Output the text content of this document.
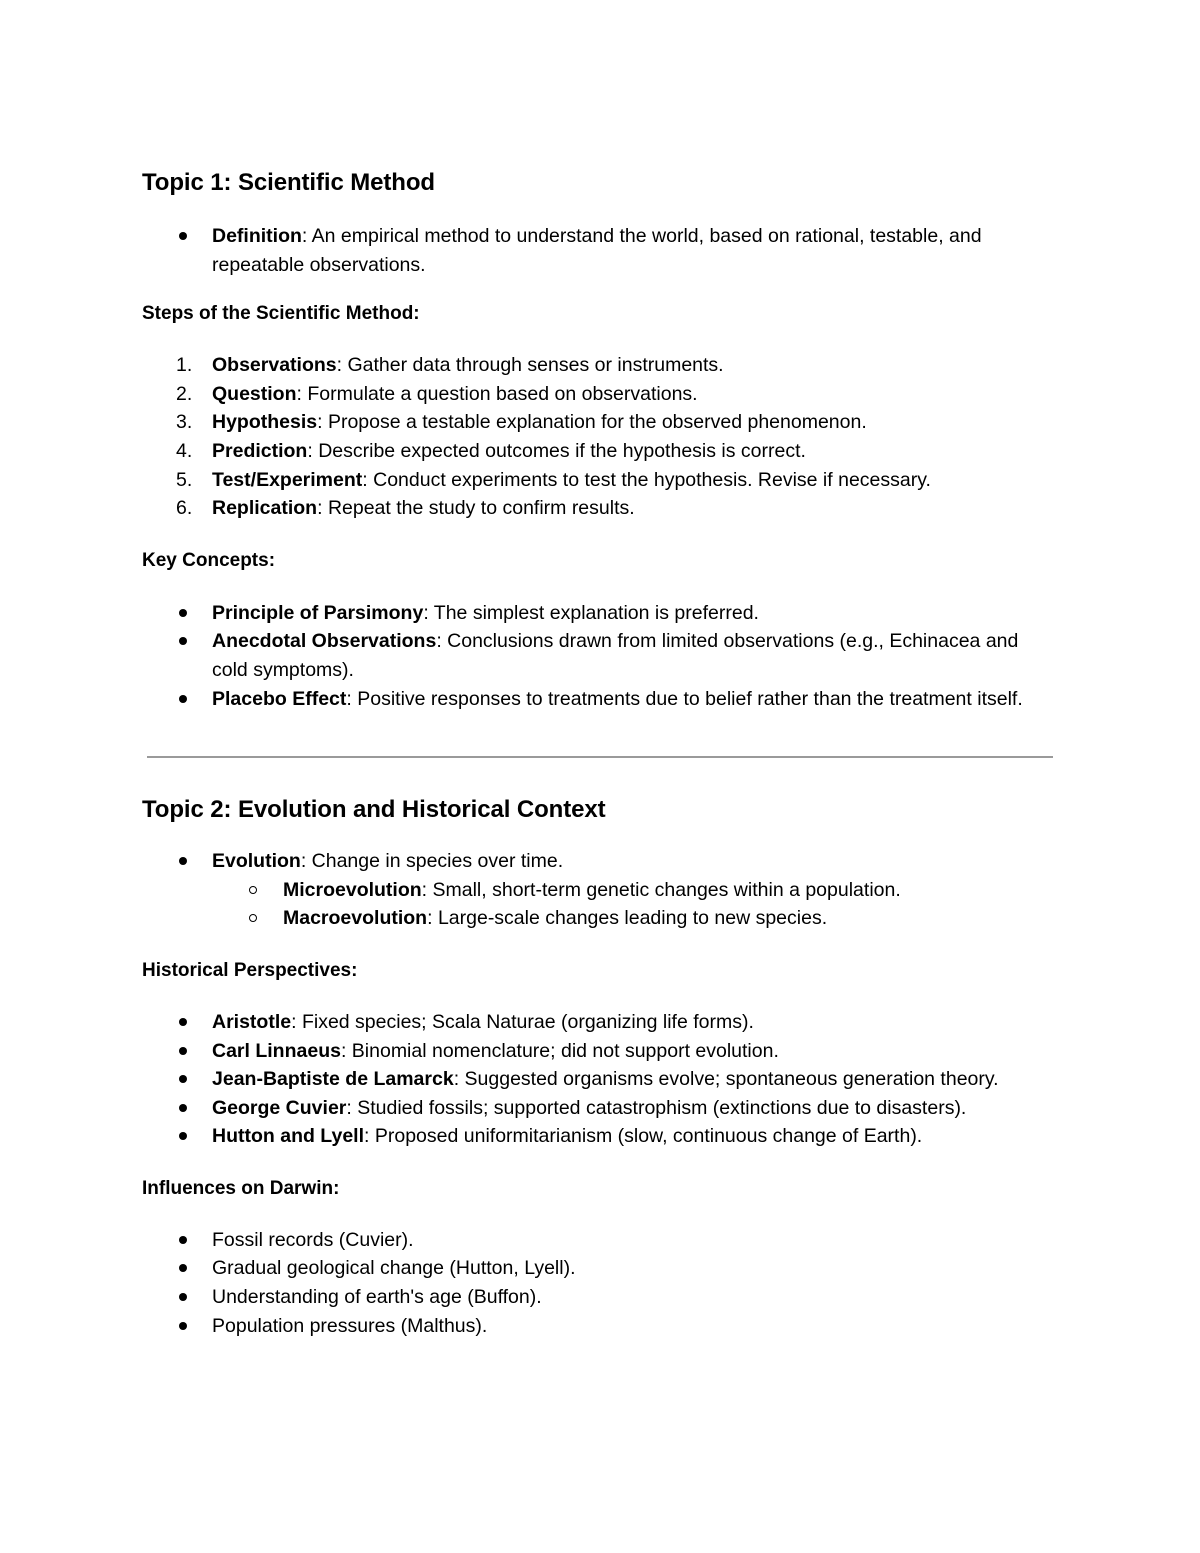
Topic 1: Scientific Method
Definition: An empirical method to understand the world, based on rational, testable, and repeatable observations.

Steps of the Scientific Method:

1.	Observations: Gather data through senses or instruments.
2.	Question: Formulate a question based on observations.
3.	Hypothesis: Propose a testable explanation for the observed phenomenon.
4.	Prediction: Describe expected outcomes if the hypothesis is correct.
5.	Test/Experiment: Conduct experiments to test the hypothesis. Revise if necessary.
6.	Replication: Repeat the study to confirm results.

Key Concepts:

Principle of Parsimony: The simplest explanation is preferred.
Anecdotal Observations: Conclusions drawn from limited observations (e.g., Echinacea and cold symptoms).
Placebo Effect: Positive responses to treatments due to belief rather than the treatment itself.
Topic 2: Evolution and Historical Context
Evolution: Change in species over time.
Microevolution: Small, short-term genetic changes within a population.
Macroevolution: Large-scale changes leading to new species.

Historical Perspectives:

Aristotle: Fixed species; Scala Naturae (organizing life forms).
Carl Linnaeus: Binomial nomenclature; did not support evolution.
Jean-Baptiste de Lamarck: Suggested organisms evolve; spontaneous generation theory.
George Cuvier: Studied fossils; supported catastrophism (extinctions due to disasters).
Hutton and Lyell: Proposed uniformitarianism (slow, continuous change of Earth).

Influences on Darwin:

Fossil records (Cuvier).
Gradual geological change (Hutton, Lyell).
Understanding of earth's age (Buffon).
Population pressures (Malthus).
